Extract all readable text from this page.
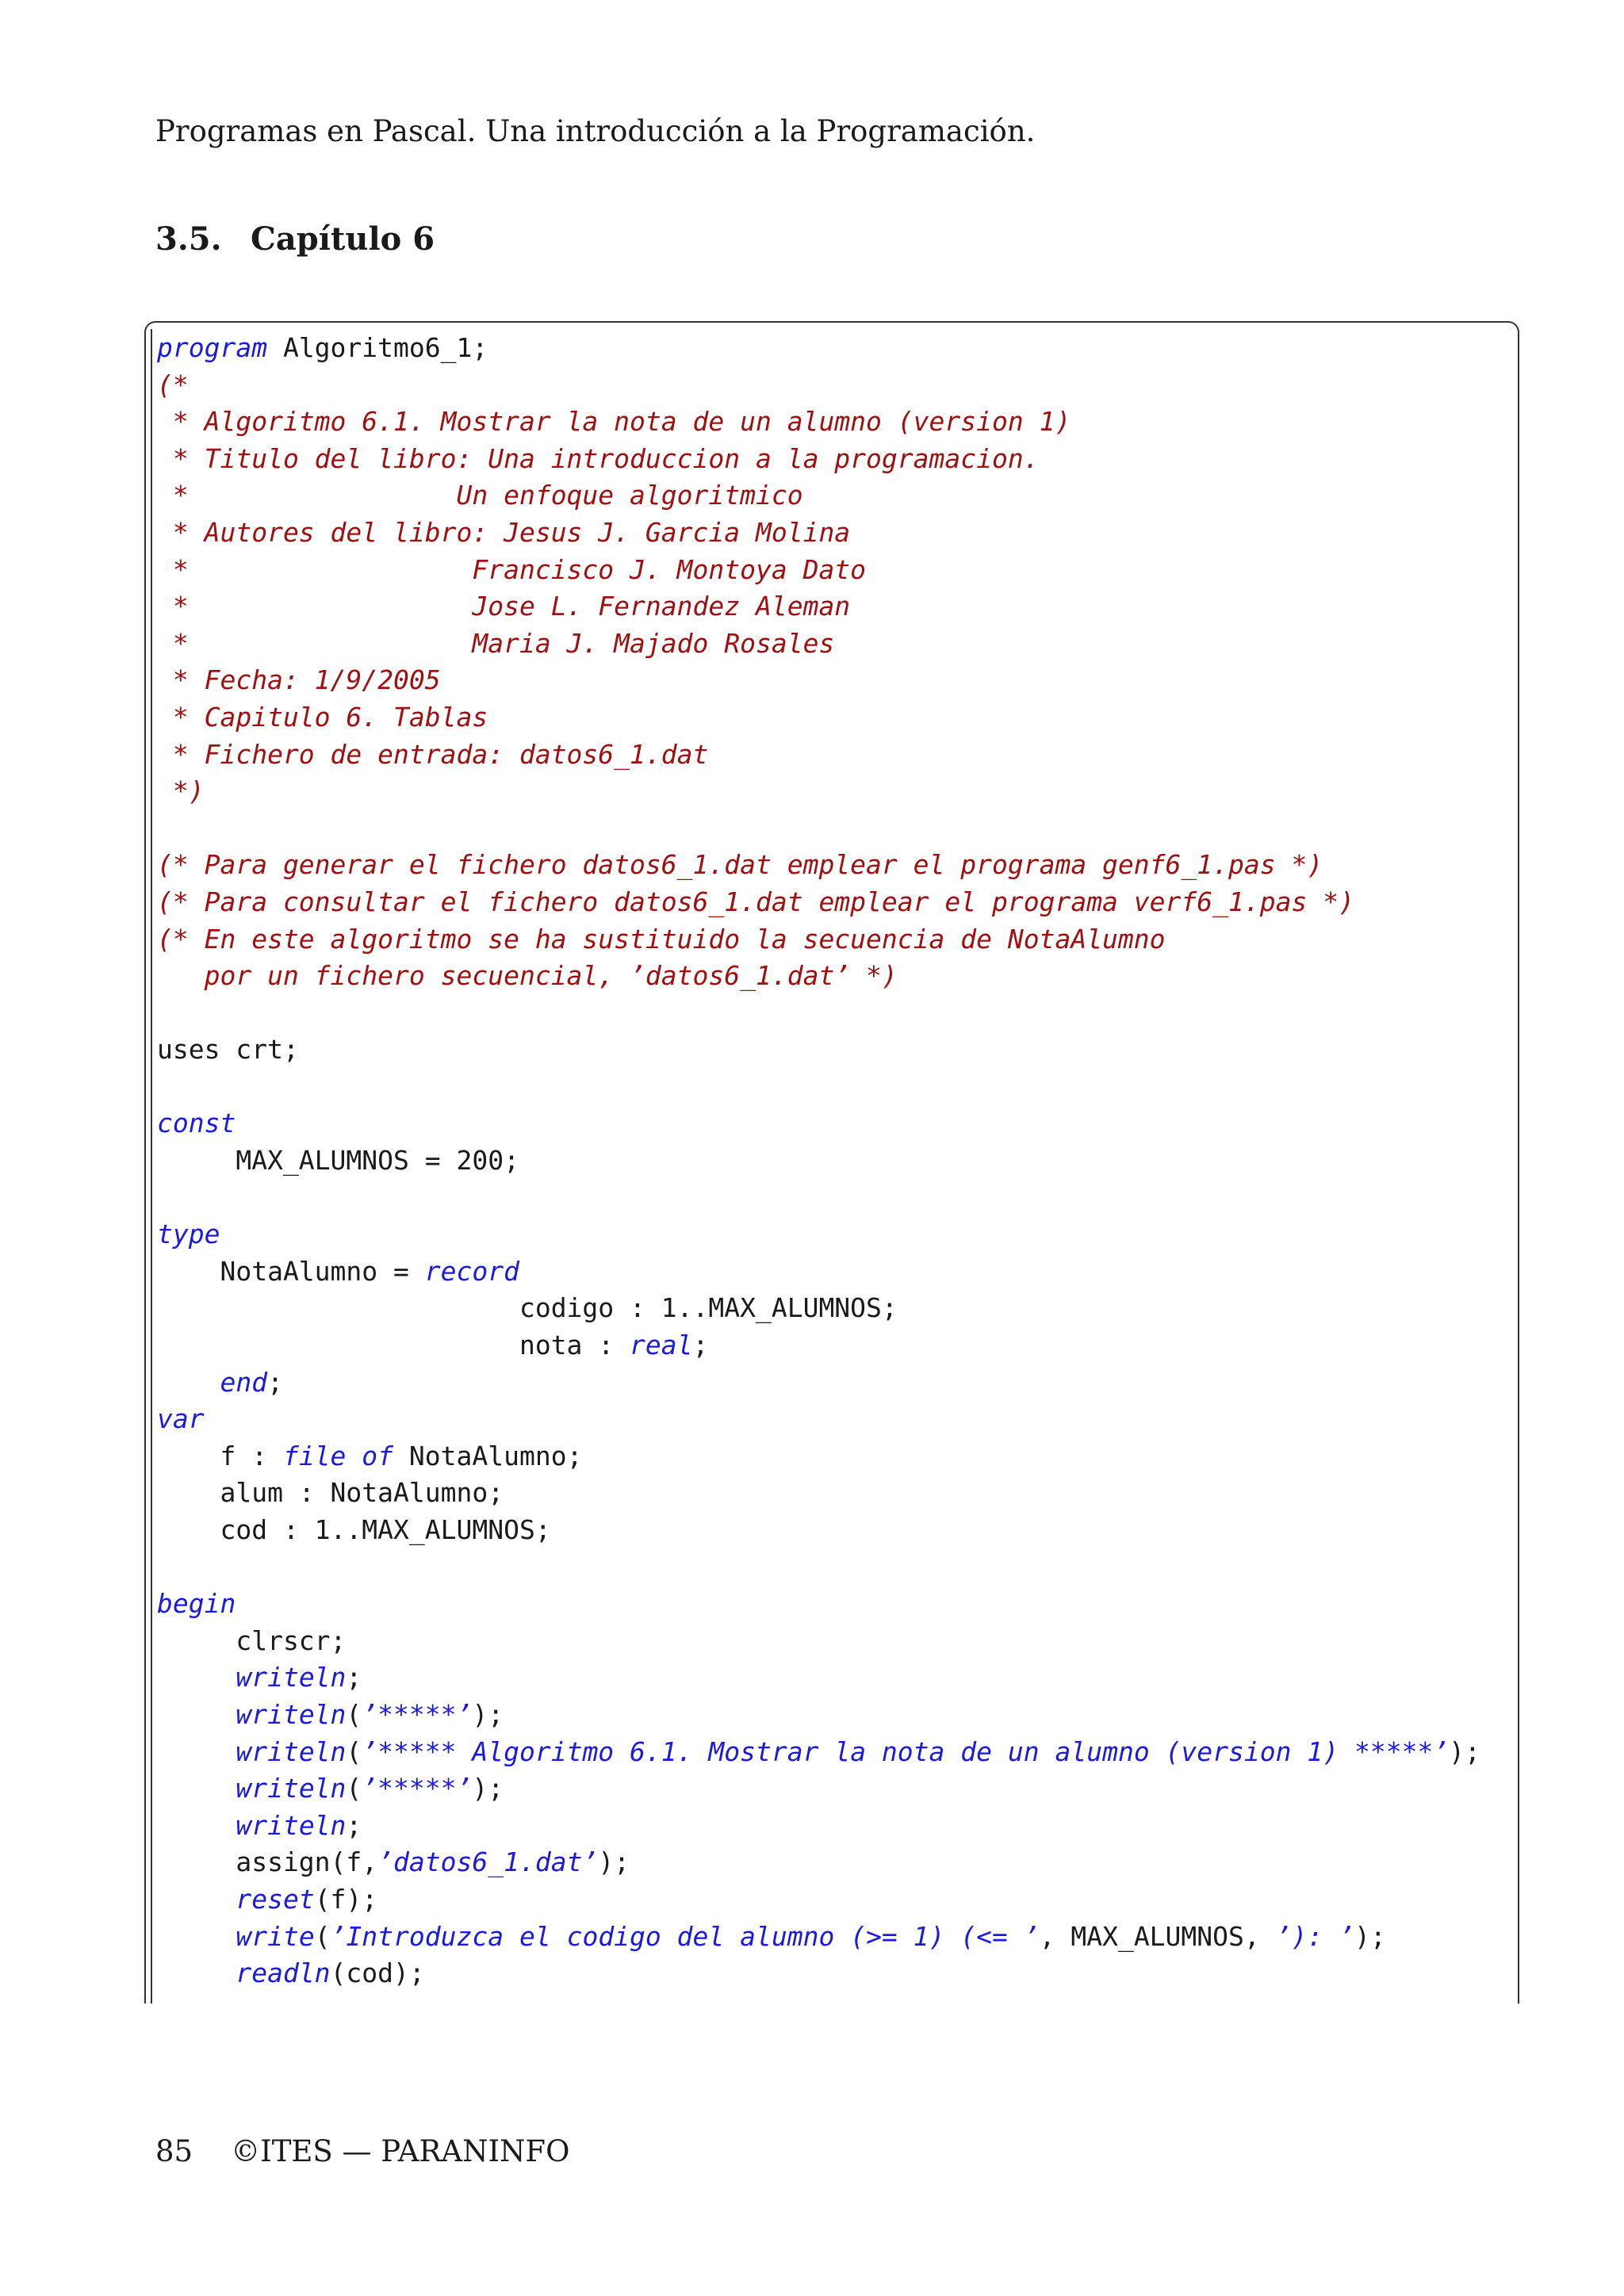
Programas en Pascal. Una introducción a la Programación.
3.5. Capítulo 6
program Algoritmo6_1;
(*
* Algoritmo 6.1. Mostrar la nota de un alumno (version 1)
* Titulo del libro: Una introduccion a la programacion.
*                 Un enfoque algoritmico
* Autores del libro: Jesus J. Garcia Molina
*                  Francisco J. Montoya Dato
*                  Jose L. Fernandez Aleman
*                  Maria J. Majado Rosales
* Fecha: 1/9/2005
* Capitulo 6. Tablas
* Fichero de entrada: datos6_1.dat
*)

(* Para generar el fichero datos6_1.dat emplear el programa genf6_1.pas *)
(* Para consultar el fichero datos6_1.dat emplear el programa verf6_1.pas *)
(* En este algoritmo se ha sustituido la secuencia de NotaAlumno
por un fichero secuencial, ’datos6_1.dat’ *)

uses crt;

const
MAX_ALUMNOS = 200;

type
NotaAlumno = record
codigo : 1..MAX_ALUMNOS;
nota : real;
end;
var
f : file of NotaAlumno;
alum : NotaAlumno;
cod : 1..MAX_ALUMNOS;

begin
clrscr;
writeln;
writeln(’*****’);
writeln(’***** Algoritmo 6.1. Mostrar la nota de un alumno (version 1) *****’);
writeln(’*****’);
writeln;
assign(f,’datos6_1.dat’);
reset(f);
write(’Introduzca el codigo del alumno (>= 1) (<= ’, MAX_ALUMNOS, ’): ’);
readln(cod);
85 ©ITES — PARANINFO
